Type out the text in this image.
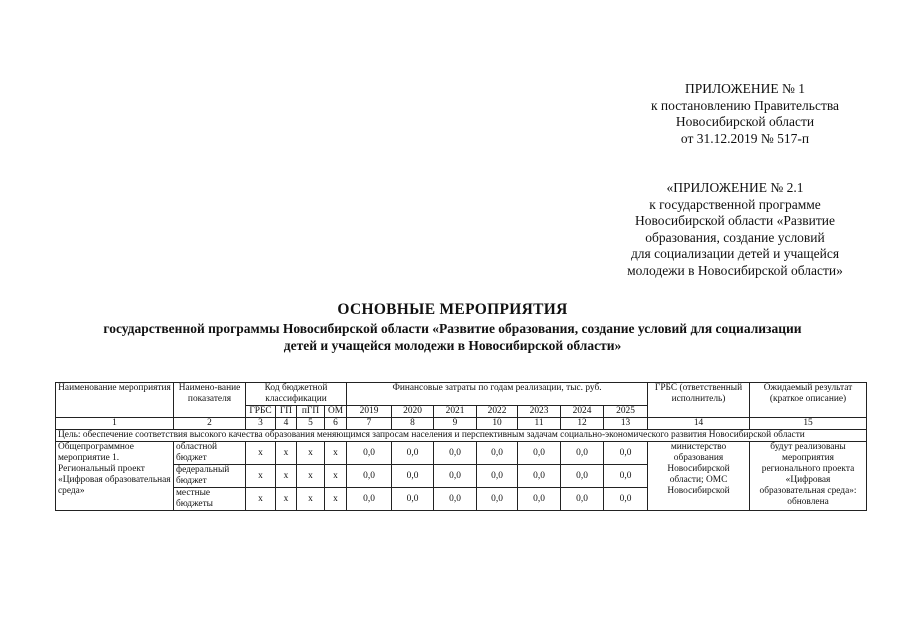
ПРИЛОЖЕНИЕ № 1
к постановлению Правительства
Новосибирской области
от 31.12.2019 № 517-п
«ПРИЛОЖЕНИЕ № 2.1
к государственной программе
Новосибирской области «Развитие
образования, создание условий
для социализации детей и учащейся
молодежи в Новосибирской области»
ОСНОВНЫЕ МЕРОПРИЯТИЯ
государственной программы Новосибирской области «Развитие образования, создание условий для социализации
детей и учащейся молодежи в Новосибирской области»
Наименование мероприятия	Наимено-вание показателя	Код бюджетной классификации				Финансовые затраты по годам реализации, тыс. руб.							ГРБС (ответственный исполнитель)	Ожидаемый результат (краткое описание)
		ГРБС	ГП	пГП	ОМ	2019	2020	2021	2022	2023	2024	2025		
1	2	3	4	5	6	7	8	9	10	11	12	13	14	15
Цель: обеспечение соответствия высокого качества образования меняющимся запросам населения и перспективным задачам социально-экономического развития Новосибирской области														
Общепрограммное мероприятие 1. Региональный проект «Цифровая образовательная среда»	областной бюджет	х	х	х	х	0,0	0,0	0,0	0,0	0,0	0,0	0,0	министерство образования Новосибирской области; ОМС Новосибирской	будут реализованы мероприятия регионального проекта «Цифровая образовательная среда»: обновлена
	федеральный бюджет	х	х	х	х	0,0	0,0	0,0	0,0	0,0	0,0	0,0		
	местные бюджеты	х	х	х	х	0,0	0,0	0,0	0,0	0,0	0,0	0,0		
